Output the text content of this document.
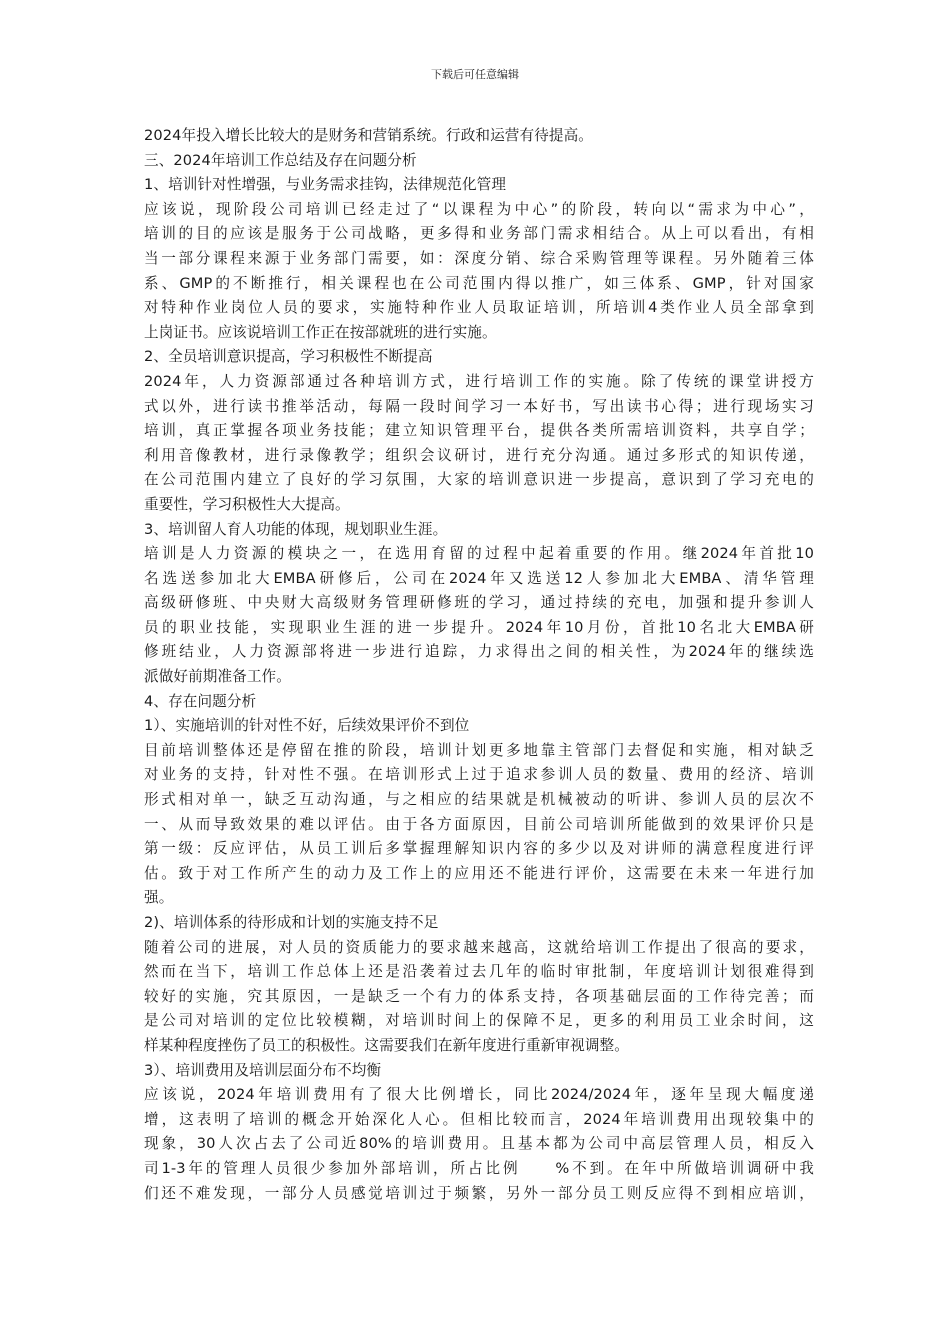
下载后可任意编辑
2024年投入增长比较大的是财务和营销系统。行政和运营有待提高。
三、2024年培训工作总结及存在问题分析
1、培训针对性增强，与业务需求挂钩，法律规范化管理
应该说，现阶段公司培训已经走过了“以课程为中心”的阶段，转向以“需求为中心”，
培训的目的应该是服务于公司战略，更多得和业务部门需求相结合。从上可以看出，有相
当一部分课程来源于业务部门需要，如：深度分销、综合采购管理等课程。另外随着三体
系、GMP的不断推行，相关课程也在公司范围内得以推广，如三体系、GMP，针对国家
对特种作业岗位人员的要求，实施特种作业人员取证培训，所培训4类作业人员全部拿到
上岗证书。应该说培训工作正在按部就班的进行实施。
2、全员培训意识提高，学习积极性不断提高
2024年，人力资源部通过各种培训方式，进行培训工作的实施。除了传统的课堂讲授方
式以外，进行读书推举活动，每隔一段时间学习一本好书，写出读书心得；进行现场实习
培训，真正掌握各项业务技能；建立知识管理平台，提供各类所需培训资料，共享自学；
利用音像教材，进行录像教学；组织会议研讨，进行充分沟通。通过多形式的知识传递，
在公司范围内建立了良好的学习氛围，大家的培训意识进一步提高，意识到了学习充电的
重要性，学习积极性大大提高。
3、培训留人育人功能的体现，规划职业生涯。
培训是人力资源的模块之一，在选用育留的过程中起着重要的作用。继2024年首批10
名选送参加北大EMBA研修后，公司在2024年又选送12人参加北大EMBA、清华管理
高级研修班、中央财大高级财务管理研修班的学习，通过持续的充电，加强和提升参训人
员的职业技能，实现职业生涯的进一步提升。2024年10月份，首批10名北大EMBA研
修班结业，人力资源部将进一步进行追踪，力求得出之间的相关性，为2024年的继续选
派做好前期准备工作。
4、存在问题分析
1）、实施培训的针对性不好，后续效果评价不到位
目前培训整体还是停留在推的阶段，培训计划更多地靠主管部门去督促和实施，相对缺乏
对业务的支持，针对性不强。在培训形式上过于追求参训人员的数量、费用的经济、培训
形式相对单一，缺乏互动沟通，与之相应的结果就是机械被动的听讲、参训人员的层次不
一、从而导致效果的难以评估。由于各方面原因，目前公司培训所能做到的效果评价只是
第一级：反应评估，从员工训后多掌握理解知识内容的多少以及对讲师的满意程度进行评
估。致于对工作所产生的动力及工作上的应用还不能进行评价，这需要在未来一年进行加
强。
2)、培训体系的待形成和计划的实施支持不足
随着公司的进展，对人员的资质能力的要求越来越高，这就给培训工作提出了很高的要求，
然而在当下，培训工作总体上还是沿袭着过去几年的临时审批制，年度培训计划很难得到
较好的实施，究其原因，一是缺乏一个有力的体系支持，各项基础层面的工作待完善；而
是公司对培训的定位比较模糊，对培训时间上的保障不足，更多的利用员工业余时间，这
样某种程度挫伤了员工的积极性。这需要我们在新年度进行重新审视调整。
3）、培训费用及培训层面分布不均衡
应该说，2024年培训费用有了很大比例增长，同比2024/2024年，逐年呈现大幅度递
增，这表明了培训的概念开始深化人心。但相比较而言，2024年培训费用出现较集中的
现象，30人次占去了公司近80%的培训费用。且基本都为公司中高层管理人员，相反入
司1-3年的管理人员很少参加外部培训，所占比例　　%不到。在年中所做培训调研中我
们还不难发现，一部分人员感觉培训过于频繁，另外一部分员工则反应得不到相应培训，
